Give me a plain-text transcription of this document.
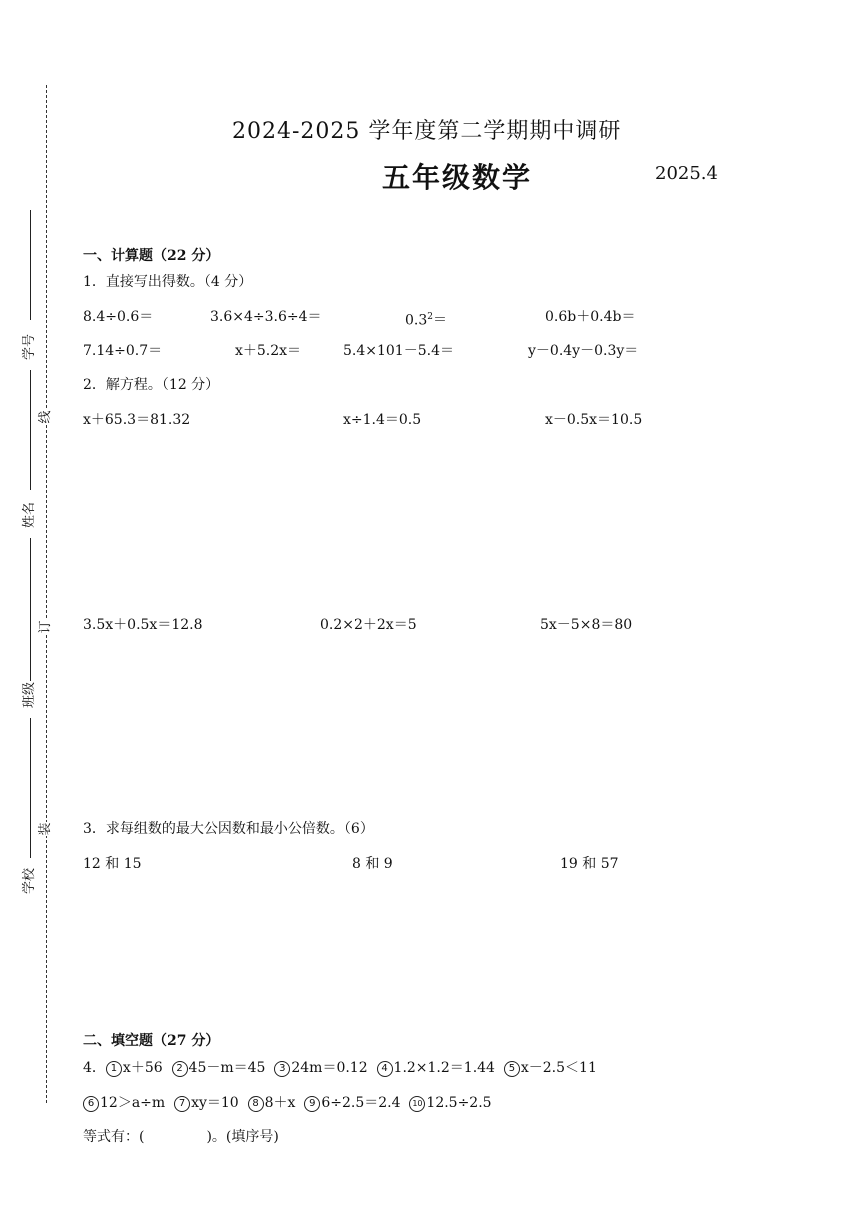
学号
姓名
班级
学校
线
订
装
2024-2025 学年度第二学期期中调研
五年级数学	2025.4
一、计算题（22 分）
1．直接写出得数。（4 分）
8.4÷0.6＝	3.6×4÷3.6÷4＝	$0.3^2=$	0.6b＋0.4b＝
7.14÷0.7＝	x＋5.2x＝	5.4×101－5.4＝	y－0.4y－0.3y＝
2．解方程。（12 分）
x＋65.3＝81.32	x÷1.4＝0.5	x－0.5x＝10.5
3.5x＋0.5x＝12.8	0.2×2＋2x＝5	5x－5×8＝80
3．求每组数的最大公因数和最小公倍数。（6）
12 和 15	8 和 9	19 和 57
二、填空题（27 分）
4． 1 x＋56 2 45－m＝45 3 24m＝0.12 4 1.2×1.2＝1.44 5 x－2.5＜11
6 12＞a÷m 7 xy＝10 8 8＋x 9 6÷2.5＝2.4 10 12.5÷2.5
等式有：(	)。(填序号)
